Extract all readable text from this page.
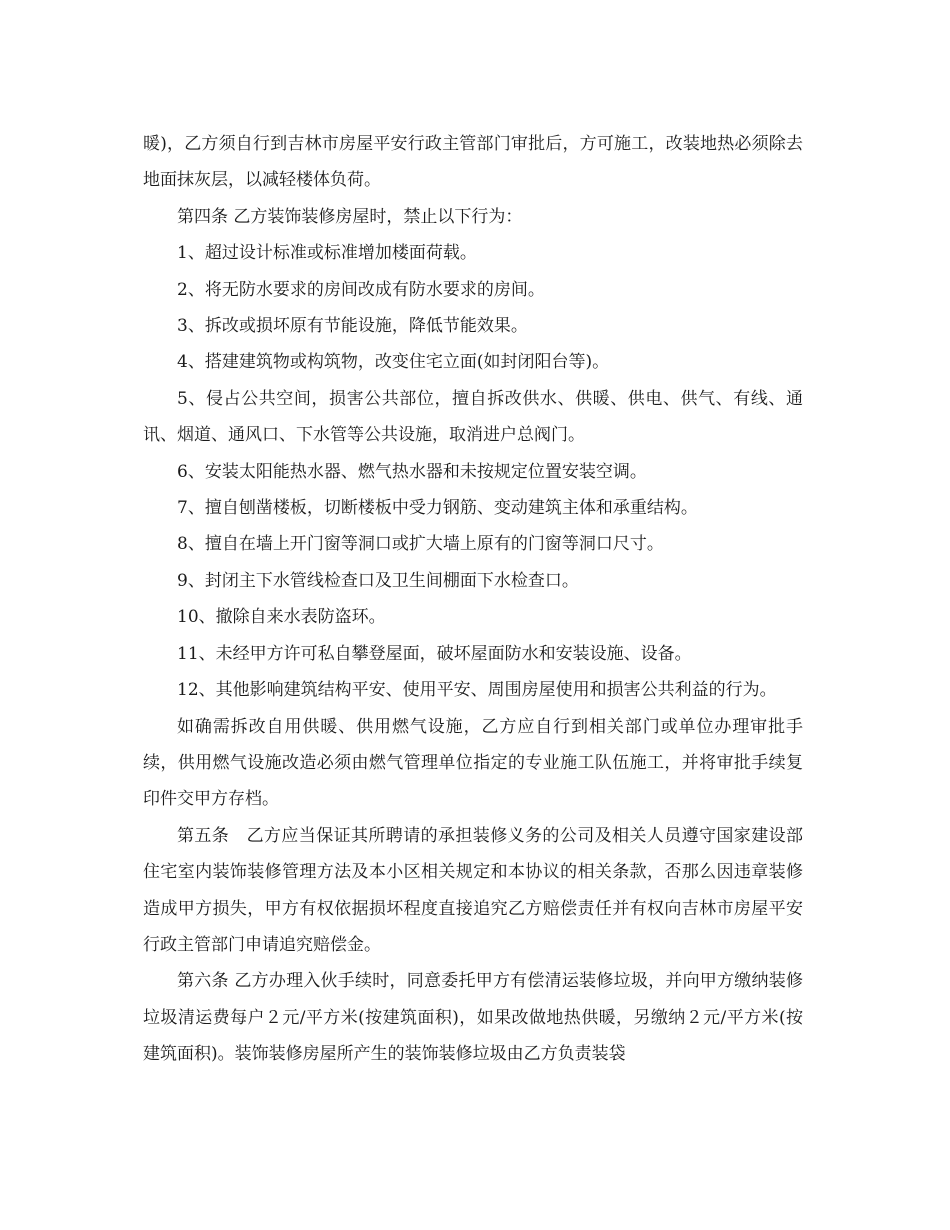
暖)，乙方须自行到吉林市房屋平安行政主管部门审批后，方可施工，改装地热必须除去地面抹灰层，以减轻楼体负荷。

第四条 乙方装饰装修房屋时，禁止以下行为：

1、超过设计标准或标准增加楼面荷载。

2、将无防水要求的房间改成有防水要求的房间。

3、拆改或损坏原有节能设施，降低节能效果。

4、搭建建筑物或构筑物，改变住宅立面(如封闭阳台等)。

5、侵占公共空间，损害公共部位，擅自拆改供水、供暖、供电、供气、有线、通讯、烟道、通风口、下水管等公共设施，取消进户总阀门。

6、安装太阳能热水器、燃气热水器和未按规定位置安装空调。

7、擅自刨凿楼板，切断楼板中受力钢筋、变动建筑主体和承重结构。

8、擅自在墙上开门窗等洞口或扩大墙上原有的门窗等洞口尺寸。

9、封闭主下水管线检查口及卫生间棚面下水检查口。

10、撤除自来水表防盗环。

11、未经甲方许可私自攀登屋面，破坏屋面防水和安装设施、设备。

12、其他影响建筑结构平安、使用平安、周围房屋使用和损害公共利益的行为。

如确需拆改自用供暖、供用燃气设施，乙方应自行到相关部门或单位办理审批手续，供用燃气设施改造必须由燃气管理单位指定的专业施工队伍施工，并将审批手续复印件交甲方存档。

第五条　乙方应当保证其所聘请的承担装修义务的公司及相关人员遵守国家建设部住宅室内装饰装修管理方法及本小区相关规定和本协议的相关条款，否那么因违章装修造成甲方损失，甲方有权依据损坏程度直接追究乙方赔偿责任并有权向吉林市房屋平安行政主管部门申请追究赔偿金。

第六条 乙方办理入伙手续时，同意委托甲方有偿清运装修垃圾，并向甲方缴纳装修垃圾清运费每户２元/平方米(按建筑面积)，如果改做地热供暖，另缴纳２元/平方米(按建筑面积)。装饰装修房屋所产生的装饰装修垃圾由乙方负责装袋
